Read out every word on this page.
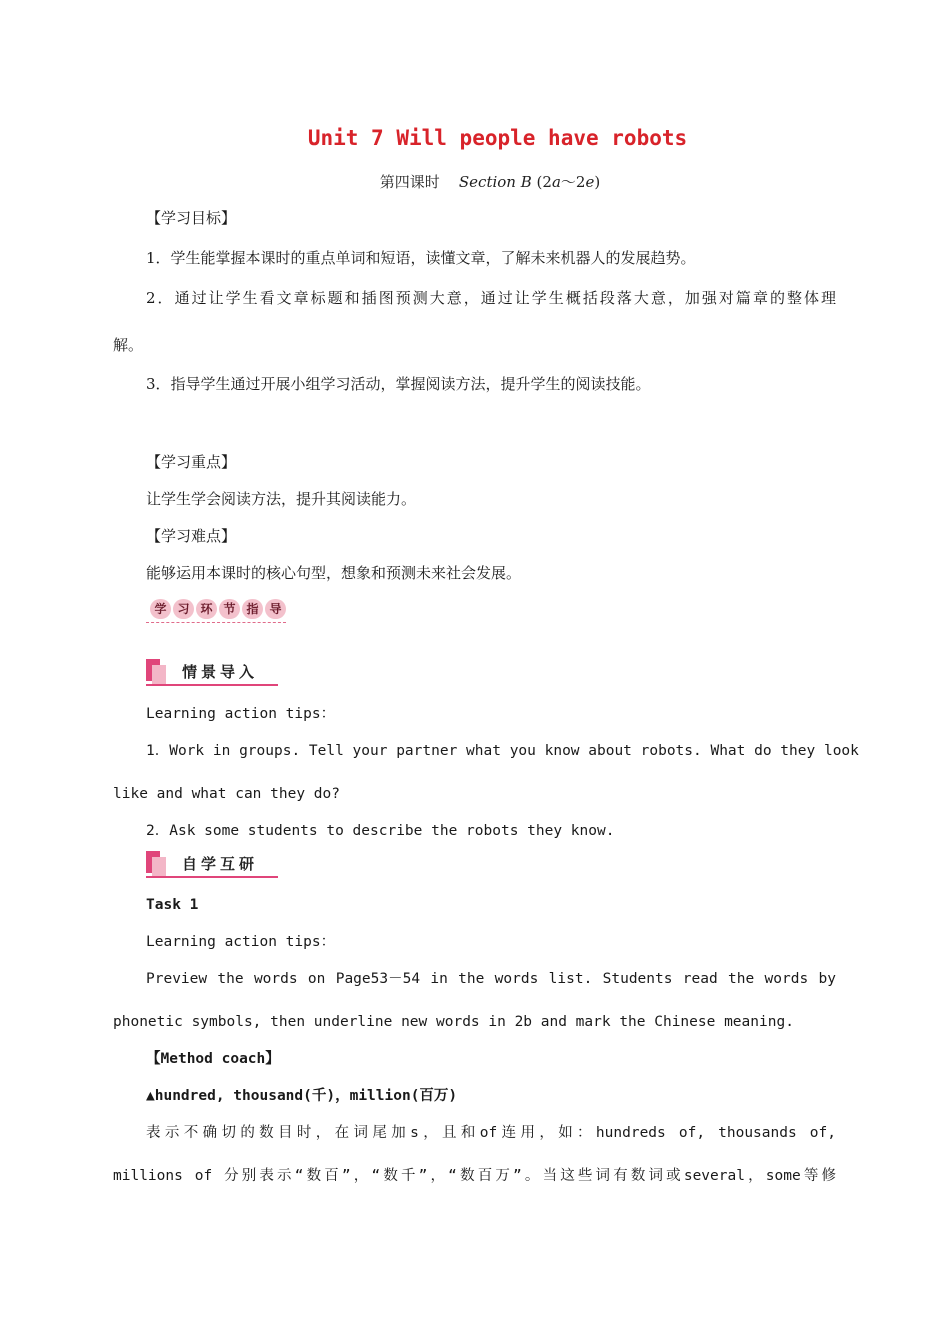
Unit 7 Will people have robots
第四课时 Section B (2a～2e)
【学习目标】
1．学生能掌握本课时的重点单词和短语，读懂文章，了解未来机器人的发展趋势。
2．通过让学生看文章标题和插图预测大意，通过让学生概括段落大意，加强对篇章的整体理
解。
3．指导学生通过开展小组学习活动，掌握阅读方法，提升学生的阅读技能。
【学习重点】
让学生学会阅读方法，提升其阅读能力。
【学习难点】
能够运用本课时的核心句型，想象和预测未来社会发展。
学 习 环 节 指 导
情景导入
Learning action tips：
1．Work in groups. Tell your partner what you know about robots. What do they look
like and what can they do?
2．Ask some students to describe the robots they know.
自学互研
Task 1
Learning action tips：
Preview the words on Page53－54 in the words list. Students read the words by
phonetic symbols, then underline new words in 2b and mark the Chinese meaning.
【Method coach】
▲hundred, thousand(千)，million(百万)
表示不确切的数目时，在词尾加s，且和of连用，如：hundreds of, thousands of,
millions of 分别表示“数百”，“数千”，“数百万”。当这些词有数词或several，some等修
